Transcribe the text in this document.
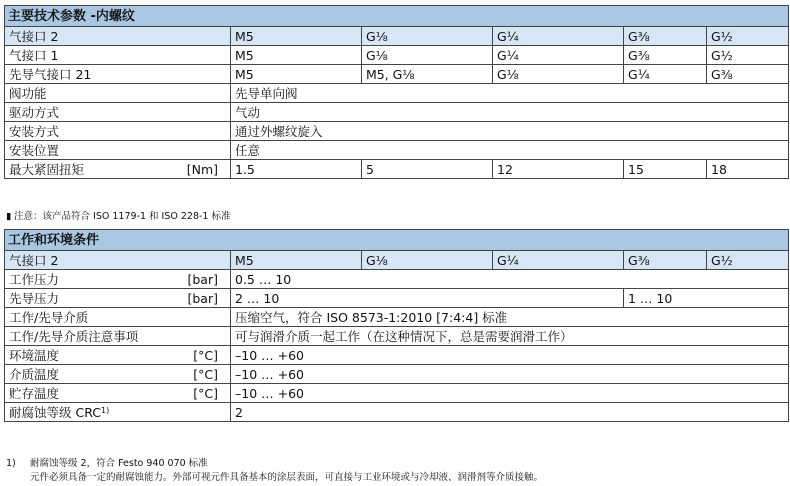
主要技术参数 -内螺纹					
气接口 2	M5	G⅛	G¼	G⅜	G½
气接口 1	M5	G⅛	G¼	G⅜	G½
先导气接口 21	M5	M5, G⅛	G⅛	G¼	G⅜
阀功能	先导单向阀				
驱动方式	气动				
安装方式	通过外螺纹旋入				
安装位置	任意				
最大紧固扭矩 [Nm]	1.5	5	12	15	18
▮ 注意：该产品符合 ISO 1179-1 和 ISO 228-1 标准
工作和环境条件					
气接口 2	M5	G⅛	G¼	G⅜	G½
工作压力 [bar]	0.5 … 10				
先导压力 [bar]	2 … 10			1 … 10	
工作/先导介质	压缩空气，符合 ISO 8573-1:2010 [7:4:4] 标准				
工作/先导介质注意事项	可与润滑介质一起工作（在这种情况下，总是需要润滑工作）				
环境温度 [°C]	–10 … +60				
介质温度 [°C]	–10 … +60				
贮存温度 [°C]	–10 … +60				
耐腐蚀等级 CRC$^{1)}$	2				
1) 耐腐蚀等级 2，符合 Festo 940 070 标准
元件必须具备一定的耐腐蚀能力。外部可视元件具备基本的涂层表面，可直接与工业环境或与冷却液、润滑剂等介质接触。
